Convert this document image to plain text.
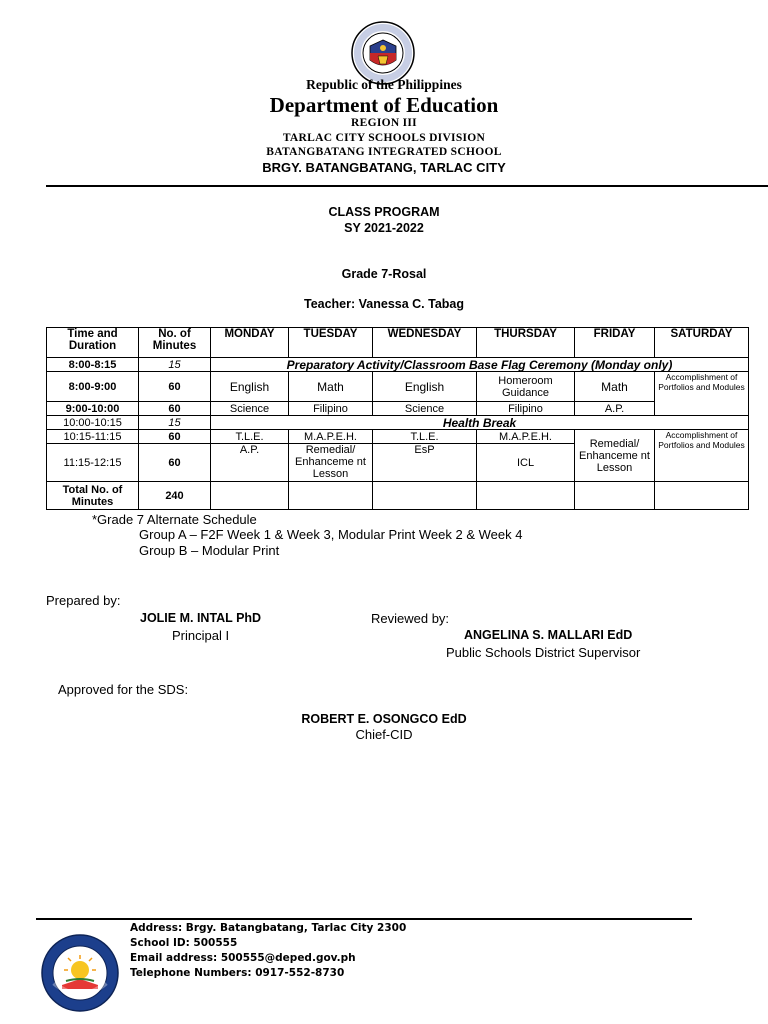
Republic of the Philippines
Department of Education
REGION III
TARLAC CITY SCHOOLS DIVISION
BATANGBATANG INTEGRATED SCHOOL
BRGY. BATANGBATANG, TARLAC CITY
CLASS PROGRAM
SY 2021-2022
Grade 7-Rosal
Teacher: Vanessa C. Tabag
Time and Duration	No. of Minutes	MONDAY	TUESDAY	WEDNESDAY	THURSDAY	FRIDAY	SATURDAY
8:00-8:15	15	Preparatory Activity/Classroom Base Flag Ceremony (Monday only)					
8:00-9:00	60	English	Math	English	Homeroom Guidance	Math	Accomplishment of Portfolios and Modules
9:00-10:00	60	Science	Filipino	Science	Filipino	A.P.	
10:00-10:15	15	Health Break					
10:15-11:15	60	T.L.E.	M.A.P.E.H.	T.L.E.	M.A.P.E.H.	Remedial/ Enhanceme nt Lesson	Accomplishment of Portfolios and Modules
11:15-12:15	60	A.P.	Remedial/ Enhanceme nt Lesson	EsP	ICL		
Total No. of Minutes	240						
*Grade 7 Alternate Schedule
Group A – F2F Week 1 & Week 3, Modular Print Week 2 & Week 4
Group B – Modular Print
Prepared by:
JOLIE M. INTAL PhD
Principal I
Reviewed by:
ANGELINA S. MALLARI EdD
Public Schools District Supervisor
Approved for the SDS:
ROBERT E. OSONGCO EdD
Chief-CID
Address: Brgy. Batangbatang, Tarlac City 2300
School ID: 500555
Email address: 500555@deped.gov.ph
Telephone Numbers: 0917-552-8730
